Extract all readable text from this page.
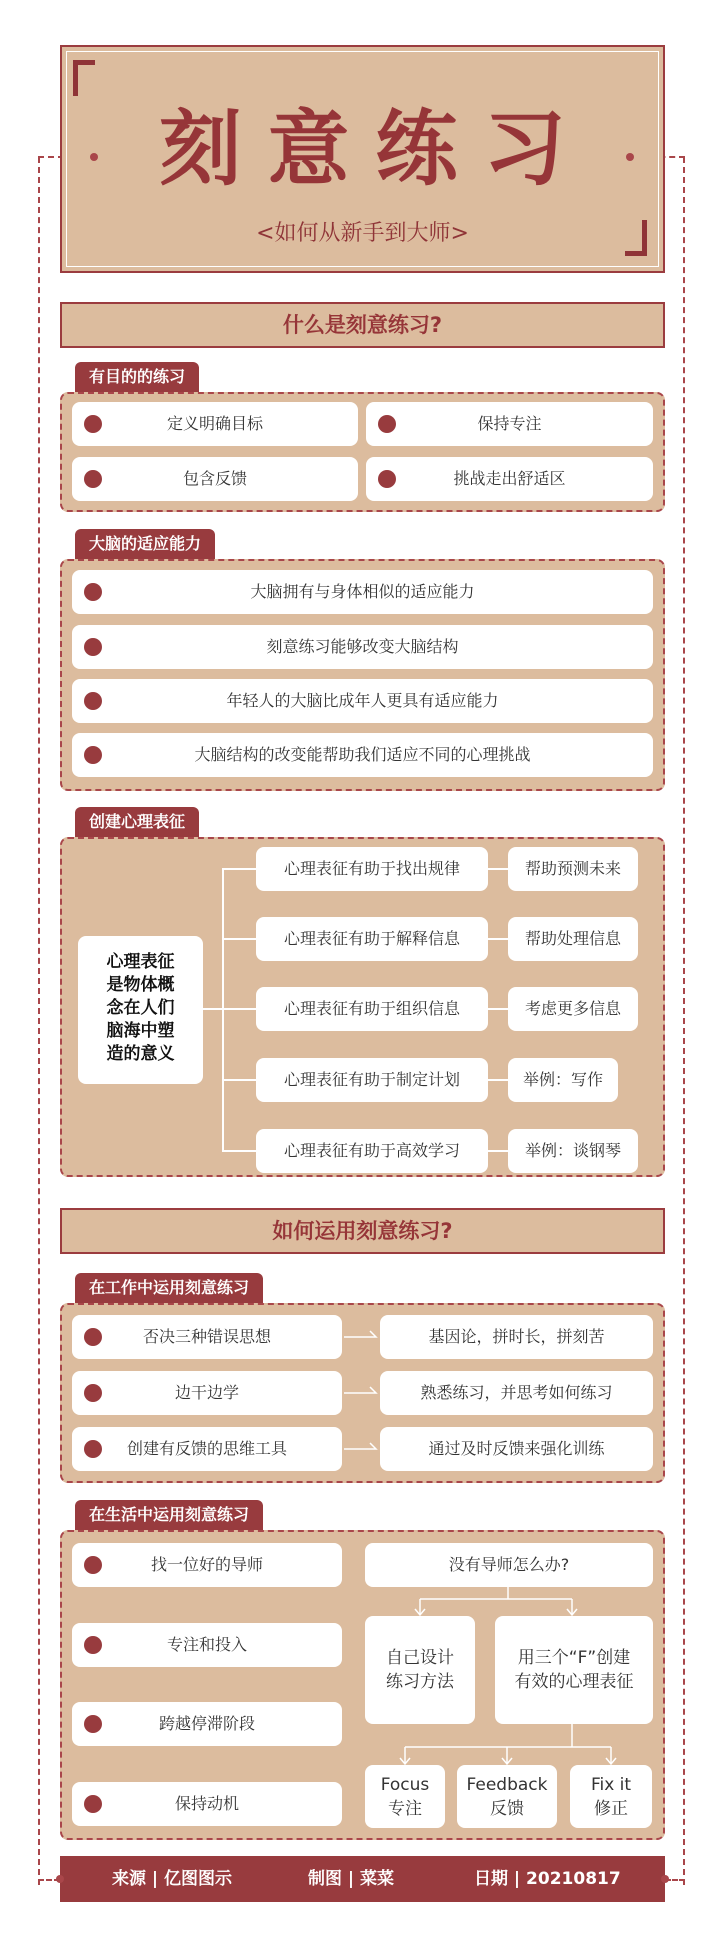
刻意练习
<如何从新手到大师>
什么是刻意练习?
有目的的练习
定义明确目标	保持专注
包含反馈	挑战走出舒适区
大脑的适应能力
大脑拥有与身体相似的适应能力
刻意练习能够改变大脑结构
年轻人的大脑比成年人更具有适应能力
大脑结构的改变能帮助我们适应不同的心理挑战
创建心理表征
心理表征
是物体概
念在人们
脑海中塑
造的意义
心理表征有助于找出规律	帮助预测未来
心理表征有助于解释信息	帮助处理信息
心理表征有助于组织信息	考虑更多信息
心理表征有助于制定计划	举例：写作
心理表征有助于高效学习	举例：谈钢琴
如何运用刻意练习?
在工作中运用刻意练习
否决三种错误思想	基因论，拼时长，拼刻苦
边干边学	熟悉练习，并思考如何练习
创建有反馈的思维工具	通过及时反馈来强化训练
在生活中运用刻意练习
找一位好的导师
专注和投入
跨越停滞阶段
保持动机
没有导师怎么办?
自己设计
练习方法
用三个“F”创建
有效的心理表征
Focus
专注
Feedback
反馈
Fix it
修正
来源 | 亿图图示	制图 | 菜菜	日期 | 20210817
